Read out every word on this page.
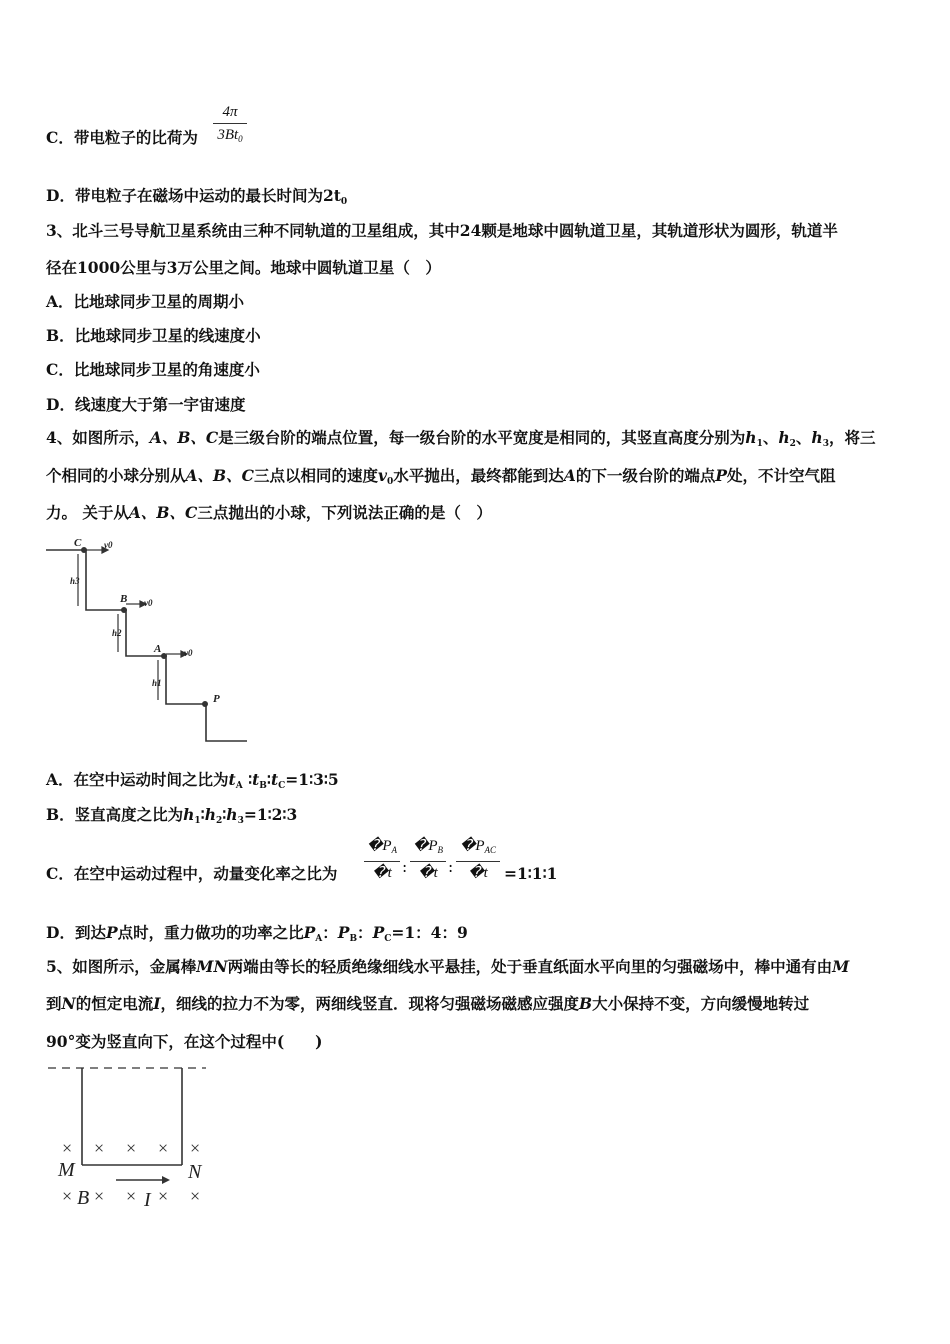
C．带电粒子的比荷为
4π
$3Bt_0$
D．带电粒子在磁场中运动的最长时间为$2t_0$
3、北斗三号导航卫星系统由三种不同轨道的卫星组成，其中24颗是地球中圆轨道卫星，其轨道形状为圆形，轨道半
径在1000公里与3万公里之间。地球中圆轨道卫星（　）
A．比地球同步卫星的周期小
B．比地球同步卫星的线速度小
C．比地球同步卫星的角速度小
D．线速度大于第一宇宙速度
4、如图所示，A、B、C是三级台阶的端点位置，每一级台阶的水平宽度是相同的，其竖直高度分别为$h_1$、$h_2$、$h_3$，将三
个相同的小球分别从A、B、C三点以相同的速度$v_0$水平抛出，最终都能到达A的下一级台阶的端点P处，不计空气阻
力。 关于从A、B、C三点抛出的小球，下列说法正确的是（　）
C
B
A
P
v0
v0
v0
h3
h2
h1
A．在空中运动时间之比为$t_A$ $∶t_B∶t_C=1∶3∶5$
B．竖直高度之比为$h_1∶h_2∶h_3=1∶2∶3$
C．在空中运动过程中，动量变化率之比为
$�P_A$
�t :
$�P_B$
�t :
$�P_{AC}$
�t	=1∶1∶1
D．到达P点时，重力做功的功率之比$P_A$：$P_B$：$P_C=1$：4：9
5、如图所示，金属棒MN两端由等长的轻质绝缘细线水平悬挂，处于垂直纸面水平向里的匀强磁场中，棒中通有由M
到N的恒定电流I，细线的拉力不为零，两细线竖直．现将匀强磁场磁感应强度B大小保持不变，方向缓慢地转过
90°变为竖直向下，在这个过程中(　　)
× × × × ×
× × × × ×
M	N
B	I
